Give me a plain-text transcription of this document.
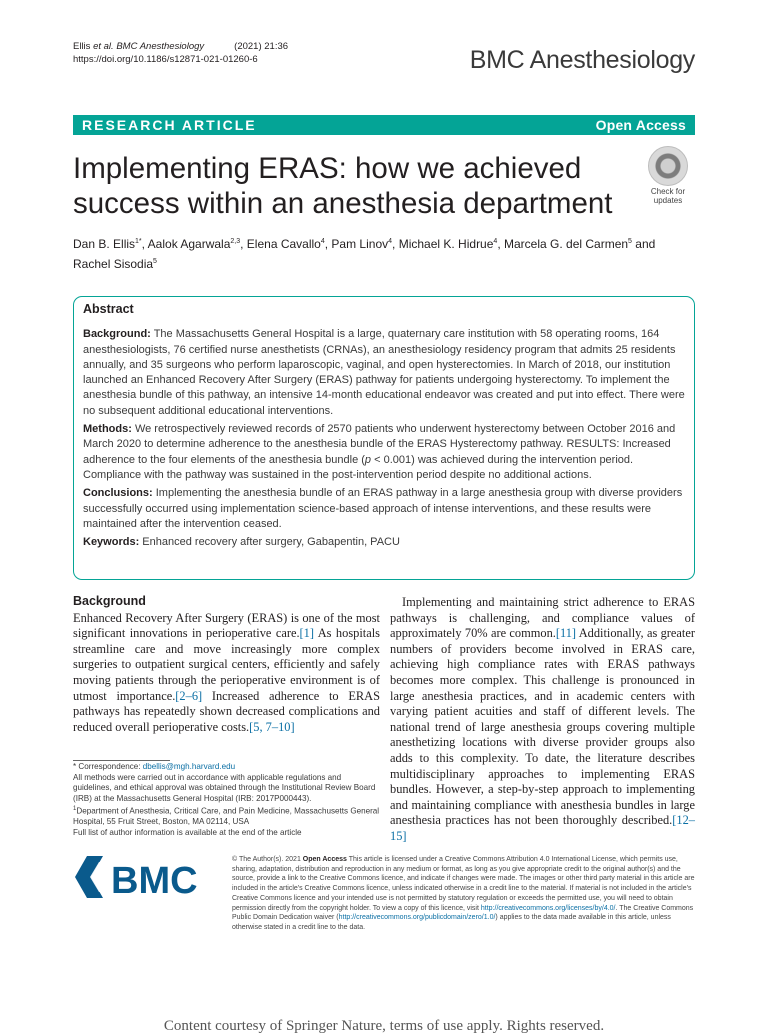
Ellis et al. BMC Anesthesiology	(2021) 21:36
https://doi.org/10.1186/s12871-021-01260-6	BMC Anesthesiology
RESEARCH ARTICLE	Open Access
Implementing ERAS: how we achieved success within an anesthesia department	Check for
updates
Dan B. Ellis$^{1*}$, Aalok Agarwala$^{2,3}$, Elena Cavallo$^4$, Pam Linov$^4$, Michael K. Hidrue$^4$, Marcela G. del Carmen$^5$ and Rachel Sisodia$^5$
Abstract

Background: The Massachusetts General Hospital is a large, quaternary care institution with 58 operating rooms, 164 anesthesiologists, 76 certified nurse anesthetists (CRNAs), an anesthesiology residency program that admits 25 residents annually, and 35 surgeons who perform laparoscopic, vaginal, and open hysterectomies. In March of 2018, our institution launched an Enhanced Recovery After Surgery (ERAS) pathway for patients undergoing hysterectomy. To implement the anesthesia bundle of this pathway, an intensive 14-month educational endeavor was created and put into effect. There were no subsequent additional educational interventions.

Methods: We retrospectively reviewed records of 2570 patients who underwent hysterectomy between October 2016 and March 2020 to determine adherence to the anesthesia bundle of the ERAS Hysterectomy pathway. RESULTS: Increased adherence to the four elements of the anesthesia bundle (p < 0.001) was achieved during the intervention period. Compliance with the pathway was sustained in the post-intervention period despite no additional actions.

Conclusions: Implementing the anesthesia bundle of an ERAS pathway in a large anesthesia group with diverse providers successfully occurred using implementation science-based approach of intense interventions, and these results were maintained after the intervention ceased.

Keywords: Enhanced recovery after surgery, Gabapentin, PACU

Background
Enhanced Recovery After Surgery (ERAS) is one of the most significant innovations in perioperative care.[1] As hospitals streamline care and move increasingly more complex surgeries to outpatient surgical centers, efficiently and safely moving patients through the perioperative environment is of utmost importance.[2–6] Increased adherence to ERAS pathways has repeatedly shown decreased complications and reduced overall perioperative costs.[5, 7–10]
Implementing and maintaining strict adherence to ERAS pathways is challenging, and compliance values of approximately 70% are common.[11] Additionally, as greater numbers of providers become involved in ERAS care, achieving high compliance rates with ERAS pathways becomes more complex. This challenge is pronounced in large anesthesia practices, and in academic centers with varying patient acuities and staff of different levels. The national trend of large anesthesia groups covering multiple anesthetizing locations with diverse provider groups also adds to this complexity. To date, the literature describes multidisciplinary approaches to implementing ERAS bundles. However, a step-by-step approach to implementing and maintaining compliance with anesthesia bundles in large anesthesia practices has not been thoroughly described.[12–15]
* Correspondence: dbellis@mgh.harvard.edu
All methods were carried out in accordance with applicable regulations and guidelines, and ethical approval was obtained through the Institutional Review Board (IRB) at the Massachusetts General Hospital (IRB: 2017P000443).
$^1$Department of Anesthesia, Critical Care, and Pain Medicine, Massachusetts General Hospital, 55 Fruit Street, Boston, MA 02114, USA
Full list of author information is available at the end of the article
BMC
© The Author(s). 2021 Open Access This article is licensed under a Creative Commons Attribution 4.0 International License, which permits use, sharing, adaptation, distribution and reproduction in any medium or format, as long as you give appropriate credit to the original author(s) and the source, provide a link to the Creative Commons licence, and indicate if changes were made. The images or other third party material in this article are included in the article's Creative Commons licence, unless indicated otherwise in a credit line to the material. If material is not included in the article's Creative Commons licence and your intended use is not permitted by statutory regulation or exceeds the permitted use, you will need to obtain permission directly from the copyright holder. To view a copy of this licence, visit http://creativecommons.org/licenses/by/4.0/. The Creative Commons Public Domain Dedication waiver (http://creativecommons.org/publicdomain/zero/1.0/) applies to the data made available in this article, unless otherwise stated in a credit line to the data.
Content courtesy of Springer Nature, terms of use apply. Rights reserved.
